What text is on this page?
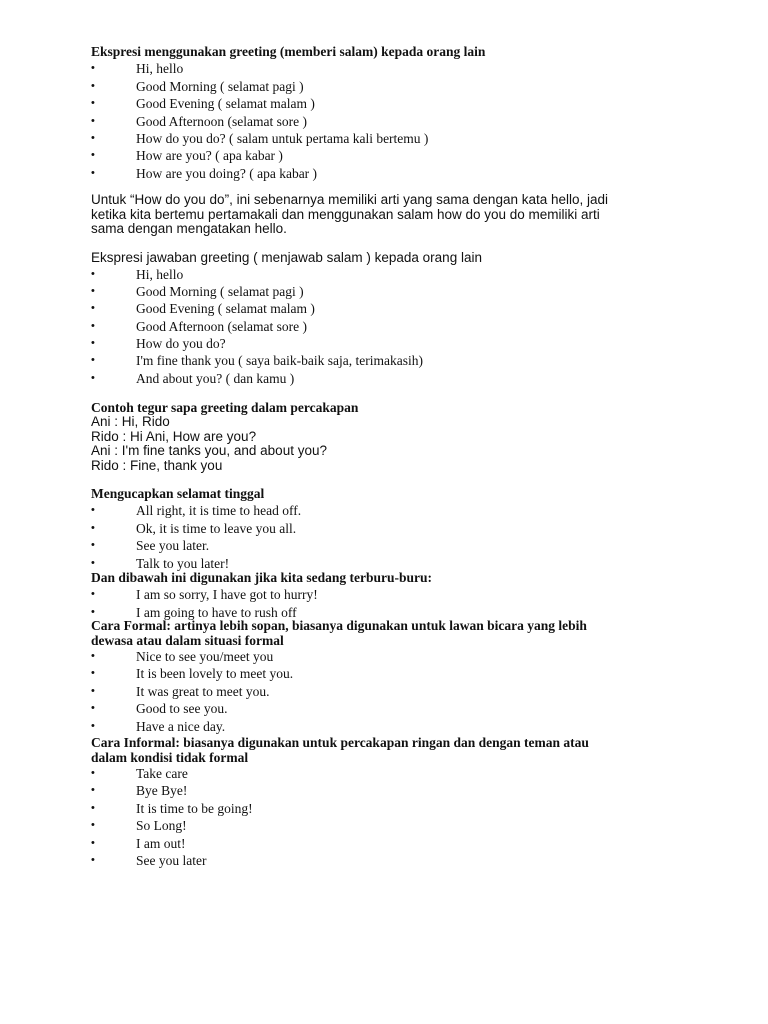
Ekspresi menggunakan greeting (memberi salam) kepada orang lain
• Hi, hello
• Good Morning ( selamat pagi )
• Good Evening ( selamat malam )
• Good Afternoon (selamat sore )
• How do you do? ( salam untuk pertama kali bertemu )
• How are you? ( apa kabar )
• How are you doing? ( apa kabar )
Untuk “How do you do”, ini sebenarnya memiliki arti yang sama dengan kata hello, jadi
ketika kita bertemu pertamakali dan menggunakan salam how do you do memiliki arti
sama dengan mengatakan hello.
Ekspresi jawaban greeting ( menjawab salam ) kepada orang lain
• Hi, hello
• Good Morning ( selamat pagi )
• Good Evening ( selamat malam )
• Good Afternoon (selamat sore )
• How do you do?
• I'm fine thank you ( saya baik-baik saja, terimakasih)
• And about you? ( dan kamu )
Contoh tegur sapa greeting dalam percakapan
Ani : Hi, Rido
Rido : Hi Ani, How are you?
Ani : I'm fine tanks you, and about you?
Rido : Fine, thank you
Mengucapkan selamat tinggal
• All right, it is time to head off.
• Ok, it is time to leave you all.
• See you later.
• Talk to you later!
Dan dibawah ini digunakan jika kita sedang terburu-buru:
• I am so sorry, I have got to hurry!
• I am going to have to rush off
Cara Formal: artinya lebih sopan, biasanya digunakan untuk lawan bicara yang lebih
dewasa atau dalam situasi formal
• Nice to see you/meet you
• It is been lovely to meet you.
• It was great to meet you.
• Good to see you.
• Have a nice day.
Cara Informal: biasanya digunakan untuk percakapan ringan dan dengan teman atau
dalam kondisi tidak formal
• Take care
• Bye Bye!
• It is time to be going!
• So Long!
• I am out!
• See you later
